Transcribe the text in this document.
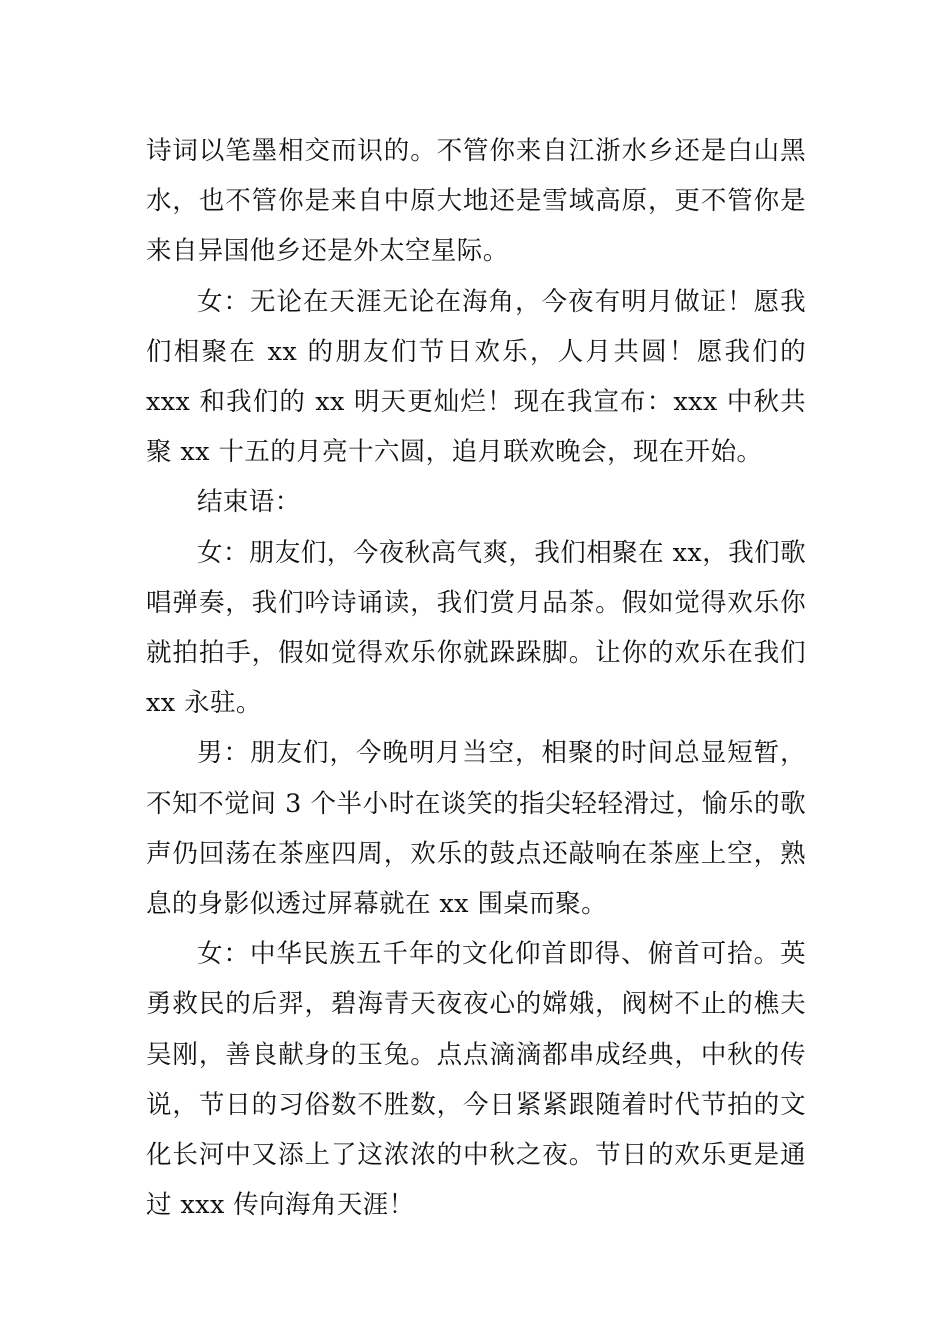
诗词以笔墨相交而识的。不管你来自江浙水乡还是白山黑水，也不管你是来自中原大地还是雪域高原，更不管你是来自异国他乡还是外太空星际。

女：无论在天涯无论在海角，今夜有明月做证！愿我们相聚在 xx 的朋友们节日欢乐，人月共圆！愿我们的 xxx 和我们的 xx 明天更灿烂！现在我宣布：xxx 中秋共聚 xx 十五的月亮十六圆，追月联欢晚会，现在开始。

结束语：

女：朋友们，今夜秋高气爽，我们相聚在 xx，我们歌唱弹奏，我们吟诗诵读，我们赏月品茶。假如觉得欢乐你就拍拍手，假如觉得欢乐你就跺跺脚。让你的欢乐在我们 xx 永驻。

男：朋友们，今晚明月当空，相聚的时间总显短暂，不知不觉间 3 个半小时在谈笑的指尖轻轻滑过，愉乐的歌声仍回荡在茶座四周，欢乐的鼓点还敲响在茶座上空，熟息的身影似透过屏幕就在 xx 围桌而聚。

女：中华民族五千年的文化仰首即得、俯首可拾。英勇救民的后羿，碧海青天夜夜心的嫦娥，阀树不止的樵夫吴刚，善良献身的玉兔。点点滴滴都串成经典，中秋的传说，节日的习俗数不胜数，今日紧紧跟随着时代节拍的文化长河中又添上了这浓浓的中秋之夜。节日的欢乐更是通过 xxx 传向海角天涯！
